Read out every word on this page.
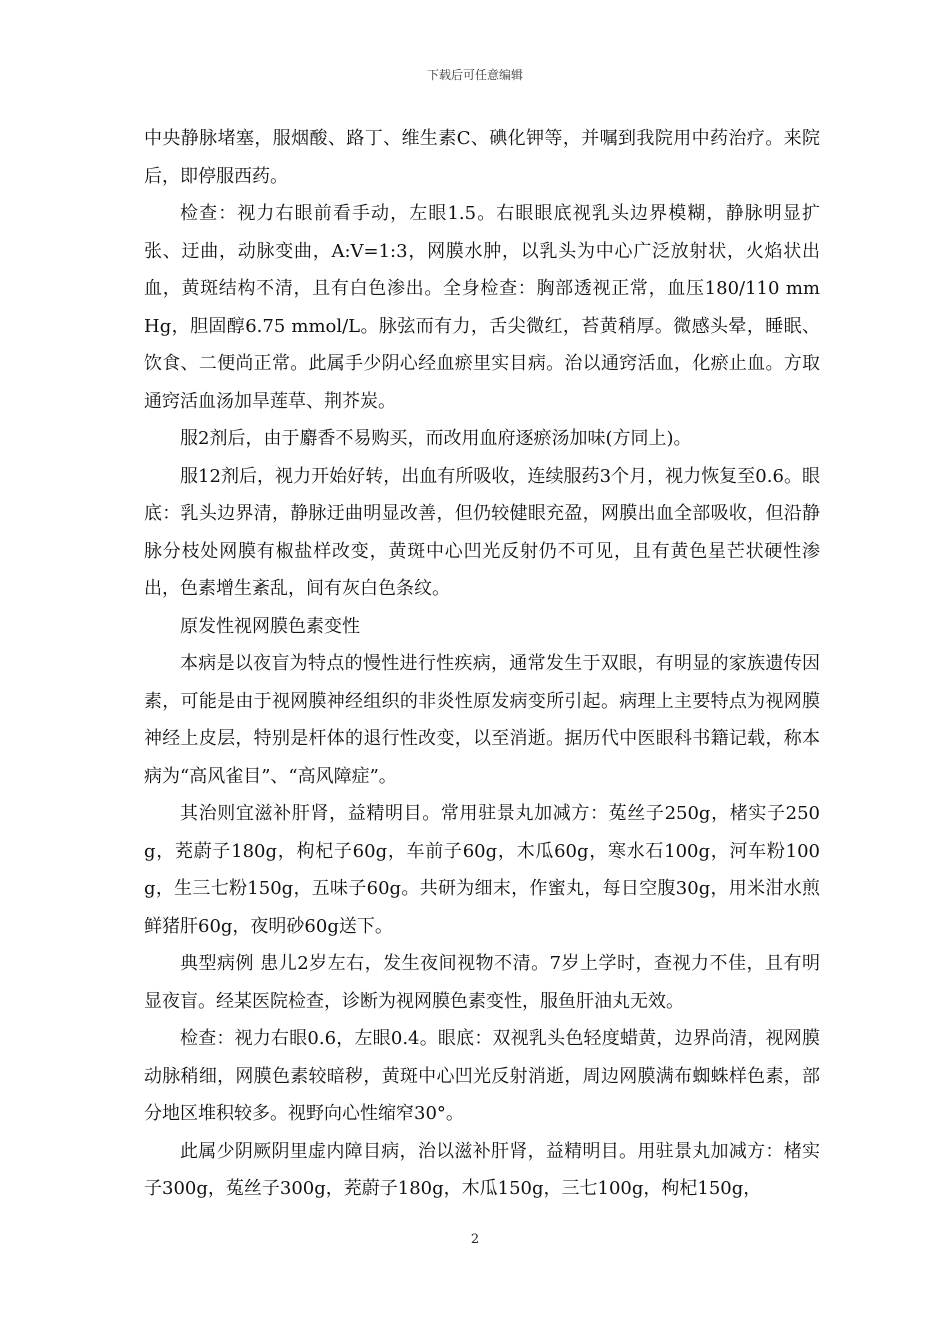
下载后可任意编辑

中央静脉堵塞，服烟酸、路丁、维生素C、碘化钾等，并嘱到我院用中药治疗。来院后，即停服西药。

检查：视力右眼前看手动，左眼1.5。右眼眼底视乳头边界模糊，静脉明显扩张、迂曲，动脉变曲，A:V=1:3，网膜水肿，以乳头为中心广泛放射状，火焰状出血，黄斑结构不清，且有白色渗出。全身检查：胸部透视正常，血压180/110 mm Hg，胆固醇6.75 mmol/L。脉弦而有力，舌尖微红，苔黄稍厚。微感头晕，睡眠、饮食、二便尚正常。此属手少阴心经血瘀里实目病。治以通窍活血，化瘀止血。方取通窍活血汤加旱莲草、荆芥炭。

服2剂后，由于麝香不易购买，而改用血府逐瘀汤加味(方同上)。

服12剂后，视力开始好转，出血有所吸收，连续服药3个月，视力恢复至0.6。眼底：乳头边界清，静脉迂曲明显改善，但仍较健眼充盈，网膜出血全部吸收，但沿静脉分枝处网膜有椒盐样改变，黄斑中心凹光反射仍不可见，且有黄色星芒状硬性渗出，色素增生紊乱，间有灰白色条纹。

原发性视网膜色素变性

本病是以夜盲为特点的慢性进行性疾病，通常发生于双眼，有明显的家族遗传因素，可能是由于视网膜神经组织的非炎性原发病变所引起。病理上主要特点为视网膜神经上皮层，特别是杆体的退行性改变，以至消逝。据历代中医眼科书籍记载，称本病为“高风雀目”、“高风障症”。

其治则宜滋补肝肾，益精明目。常用驻景丸加减方：菟丝子250g，楮实子250g，茺蔚子180g，枸杞子60g，车前子60g，木瓜60g，寒水石100g，河车粉100g，生三七粉150g，五味子60g。共研为细末，作蜜丸，每日空腹30g，用米泔水煎鲜猪肝60g，夜明砂60g送下。

典型病例 患儿2岁左右，发生夜间视物不清。7岁上学时，查视力不佳，且有明显夜盲。经某医院检查，诊断为视网膜色素变性，服鱼肝油丸无效。

检查：视力右眼0.6，左眼0.4。眼底：双视乳头色轻度蜡黄，边界尚清，视网膜动脉稍细，网膜色素较暗秽，黄斑中心凹光反射消逝，周边网膜满布蜘蛛样色素，部分地区堆积较多。视野向心性缩窄30°。

此属少阴厥阴里虚内障目病，治以滋补肝肾，益精明目。用驻景丸加减方：楮实子300g，菟丝子300g，茺蔚子180g，木瓜150g，三七100g，枸杞150g，

2
